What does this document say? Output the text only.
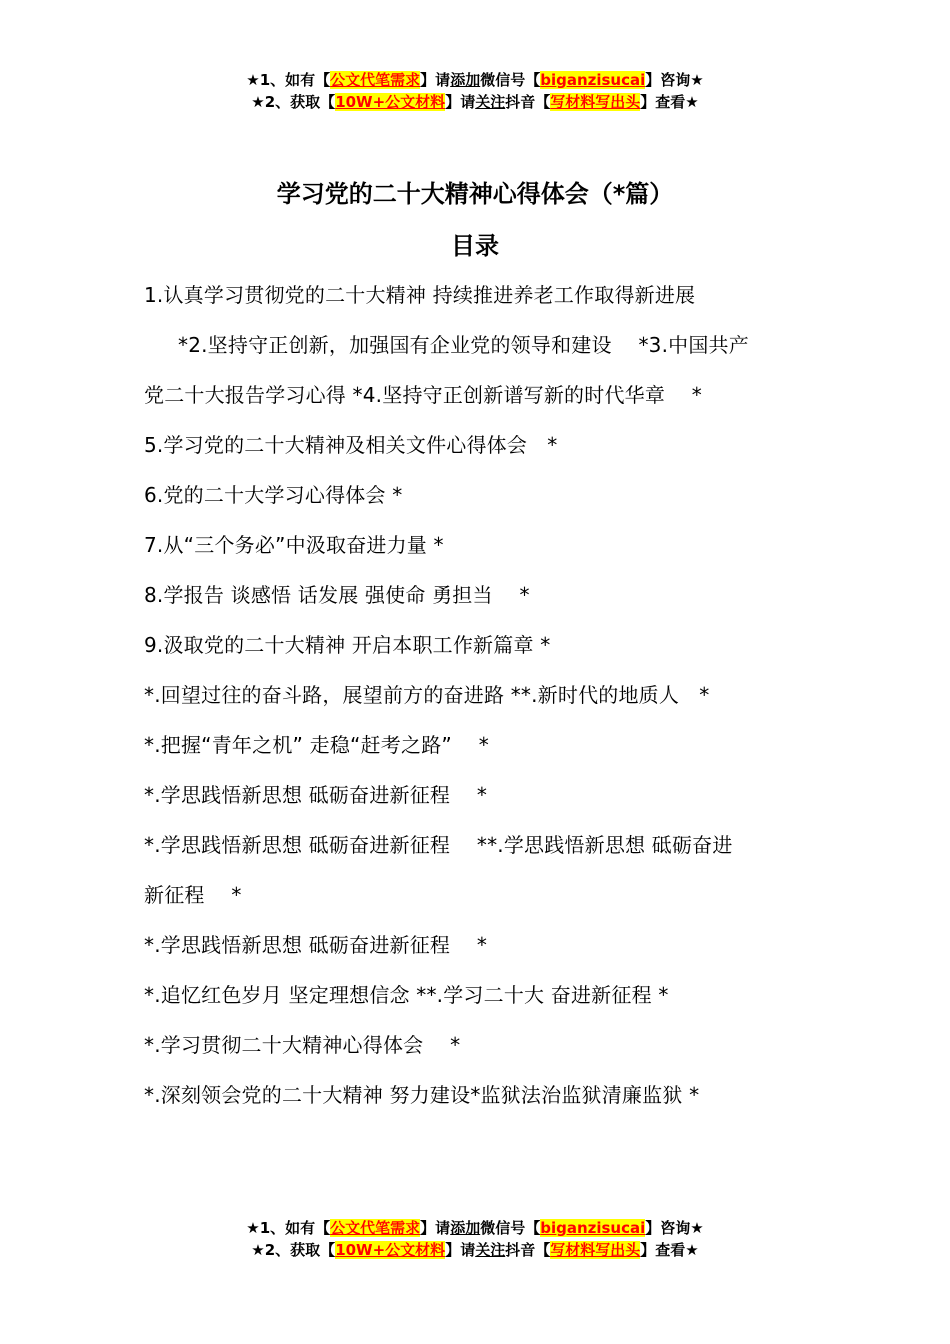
★1、如有【公文代笔需求】请添加微信号【biganzisucai】咨询★
★2、获取【10W+公文材料】请关注抖音【写材料写出头】查看★
学习党的二十大精神心得体会（*篇）
目录
1.认真学习贯彻党的二十大精神 持续推进养老工作取得新进展
*2.坚持守正创新，加强国有企业党的领导和建设　 *3.中国共产
党二十大报告学习心得 *4.坚持守正创新谱写新的时代华章　 *
5.学习党的二十大精神及相关文件心得体会　*
6.党的二十大学习心得体会 *
7.从“三个务必”中汲取奋进力量 *
8.学报告 谈感悟 话发展 强使命 勇担当　 *
9.汲取党的二十大精神 开启本职工作新篇章 *
*.回望过往的奋斗路，展望前方的奋进路 **.新时代的地质人　*
*.把握“青年之机” 走稳“赶考之路”　 *
*.学思践悟新思想 砥砺奋进新征程　 *
*.学思践悟新思想 砥砺奋进新征程　 **.学思践悟新思想 砥砺奋进
新征程　 *
*.学思践悟新思想 砥砺奋进新征程　 *
*.追忆红色岁月 坚定理想信念 **.学习二十大 奋进新征程 *
*.学习贯彻二十大精神心得体会　 *
*.深刻领会党的二十大精神 努力建设*监狱法治监狱清廉监狱 *
★1、如有【公文代笔需求】请添加微信号【biganzisucai】咨询★
★2、获取【10W+公文材料】请关注抖音【写材料写出头】查看★
